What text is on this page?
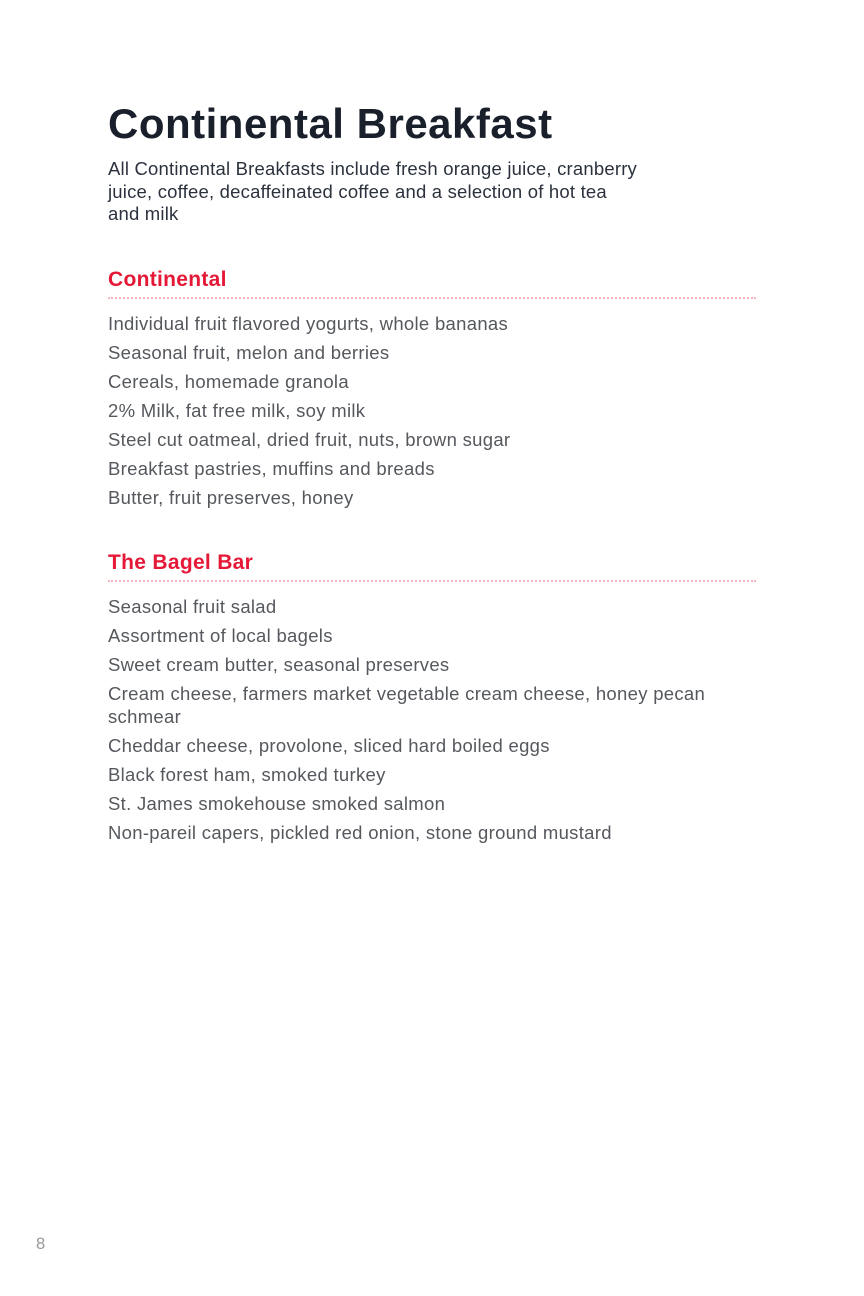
Continental Breakfast
All Continental Breakfasts include fresh orange juice, cranberry
juice, coffee, decaffeinated coffee and a selection of hot tea
and milk
Continental
Individual fruit flavored yogurts, whole bananas
Seasonal fruit, melon and berries
Cereals, homemade granola
2% Milk, fat free milk, soy milk
Steel cut oatmeal, dried fruit, nuts, brown sugar
Breakfast pastries, muffins and breads
Butter, fruit preserves, honey
The Bagel Bar
Seasonal fruit salad
Assortment of local bagels
Sweet cream butter, seasonal preserves
Cream cheese, farmers market vegetable cream cheese, honey pecan schmear
Cheddar cheese, provolone, sliced hard boiled eggs
Black forest ham, smoked turkey
St. James smokehouse smoked salmon
Non-pareil capers, pickled red onion, stone ground mustard
8
